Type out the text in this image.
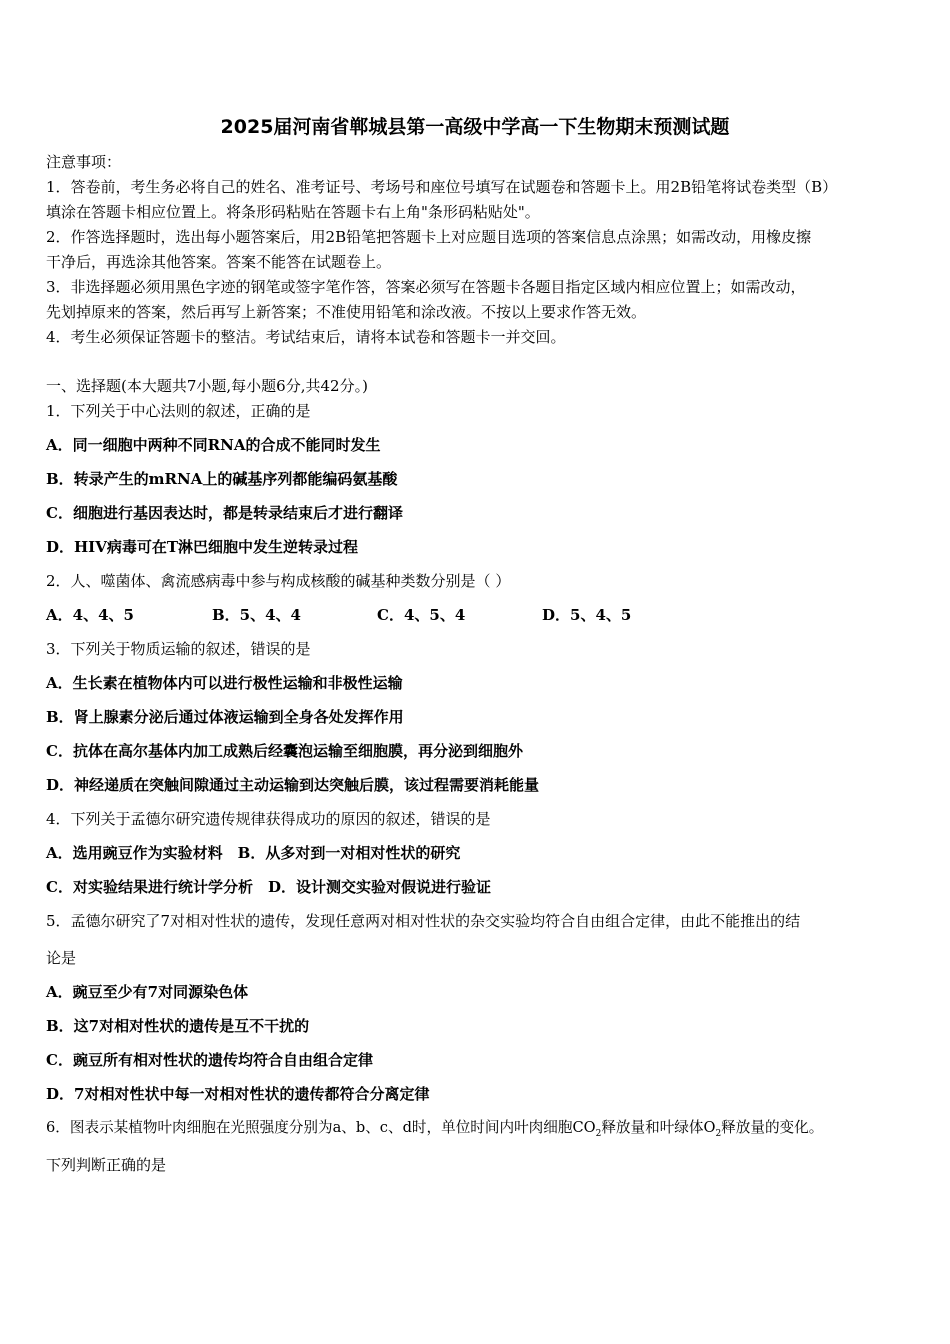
2025届河南省郸城县第一高级中学高一下生物期末预测试题
注意事项：
1．答卷前，考生务必将自己的姓名、准考证号、考场号和座位号填写在试题卷和答题卡上。用2B铅笔将试卷类型（B）
填涂在答题卡相应位置上。将条形码粘贴在答题卡右上角"条形码粘贴处"。
2．作答选择题时，选出每小题答案后，用2B铅笔把答题卡上对应题目选项的答案信息点涂黑；如需改动，用橡皮擦
干净后，再选涂其他答案。答案不能答在试题卷上。
3．非选择题必须用黑色字迹的钢笔或签字笔作答，答案必须写在答题卡各题目指定区域内相应位置上；如需改动，
先划掉原来的答案，然后再写上新答案；不准使用铅笔和涂改液。不按以上要求作答无效。
4．考生必须保证答题卡的整洁。考试结束后，请将本试卷和答题卡一并交回。
一、选择题(本大题共7小题,每小题6分,共42分。)
1．下列关于中心法则的叙述，正确的是
A．同一细胞中两种不同RNA的合成不能同时发生
B．转录产生的mRNA上的碱基序列都能编码氨基酸
C．细胞进行基因表达时，都是转录结束后才进行翻译
D．HIV病毒可在T淋巴细胞中发生逆转录过程
2．人、噬菌体、禽流感病毒中参与构成核酸的碱基种类数分别是（ ）
A．4、4、5	B．5、4、4	C．4、5、4	D．5、4、5
3．下列关于物质运输的叙述，错误的是
A．生长素在植物体内可以进行极性运输和非极性运输
B．肾上腺素分泌后通过体液运输到全身各处发挥作用
C．抗体在高尔基体内加工成熟后经囊泡运输至细胞膜，再分泌到细胞外
D．神经递质在突触间隙通过主动运输到达突触后膜，该过程需要消耗能量
4．下列关于孟德尔研究遗传规律获得成功的原因的叙述，错误的是
A．选用豌豆作为实验材料　B．从多对到一对相对性状的研究
C．对实验结果进行统计学分析　D．设计测交实验对假说进行验证
5．孟德尔研究了7对相对性状的遗传，发现任意两对相对性状的杂交实验均符合自由组合定律，由此不能推出的结
论是
A．豌豆至少有7对同源染色体
B．这7对相对性状的遗传是互不干扰的
C．豌豆所有相对性状的遗传均符合自由组合定律
D．7对相对性状中每一对相对性状的遗传都符合分离定律
6．图表示某植物叶肉细胞在光照强度分别为a、b、c、d时，单位时间内叶肉细胞$CO_2$释放量和叶绿体$O_2$释放量的变化。
下列判断正确的是
